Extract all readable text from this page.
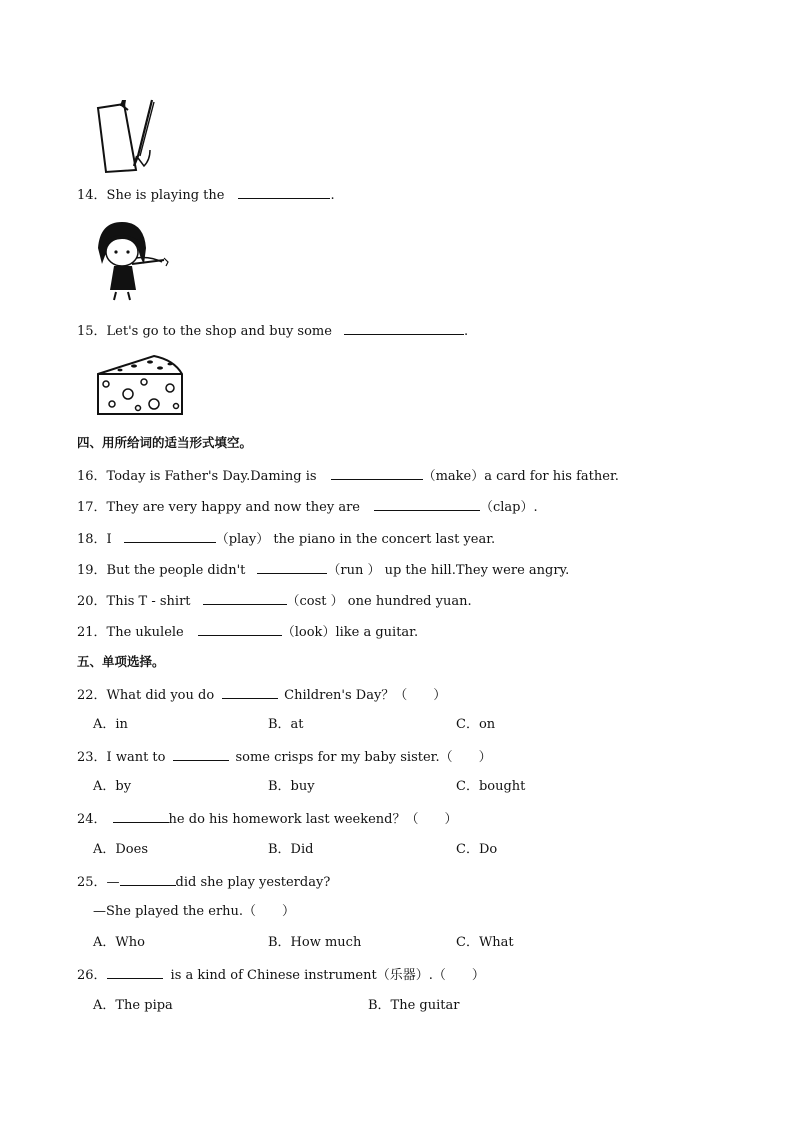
14．She is playing the	.
15．Let's go to the shop and buy some	.
四、用所给词的适当形式填空。
16．Today is Father's Day.Daming is	（make）a card for his father.
17．They are very happy and now they are	（clap）.
18．I	（play） the piano in the concert last year.
19．But the people didn't	（run ） up the hill.They were angry.
20．This T - shirt	（cost ） one hundred yuan.
21．The ukulele	（look）like a guitar.
五、单项选择。
22．What did you do	Children's Day？（　　）
A．in	B．at	C．on
23．I want to	some crisps for my baby sister.（　　）
A．by	B．buy	C．bought
24．	he do his homework last weekend？（　　）
A．Does	B．Did	C．Do
25．—	did she play yesterday?
—She played the erhu.（　　）
A．Who	B．How much	C．What
26．	is a kind of Chinese instrument（乐器）.（　　）
A．The pipa	B．The guitar
